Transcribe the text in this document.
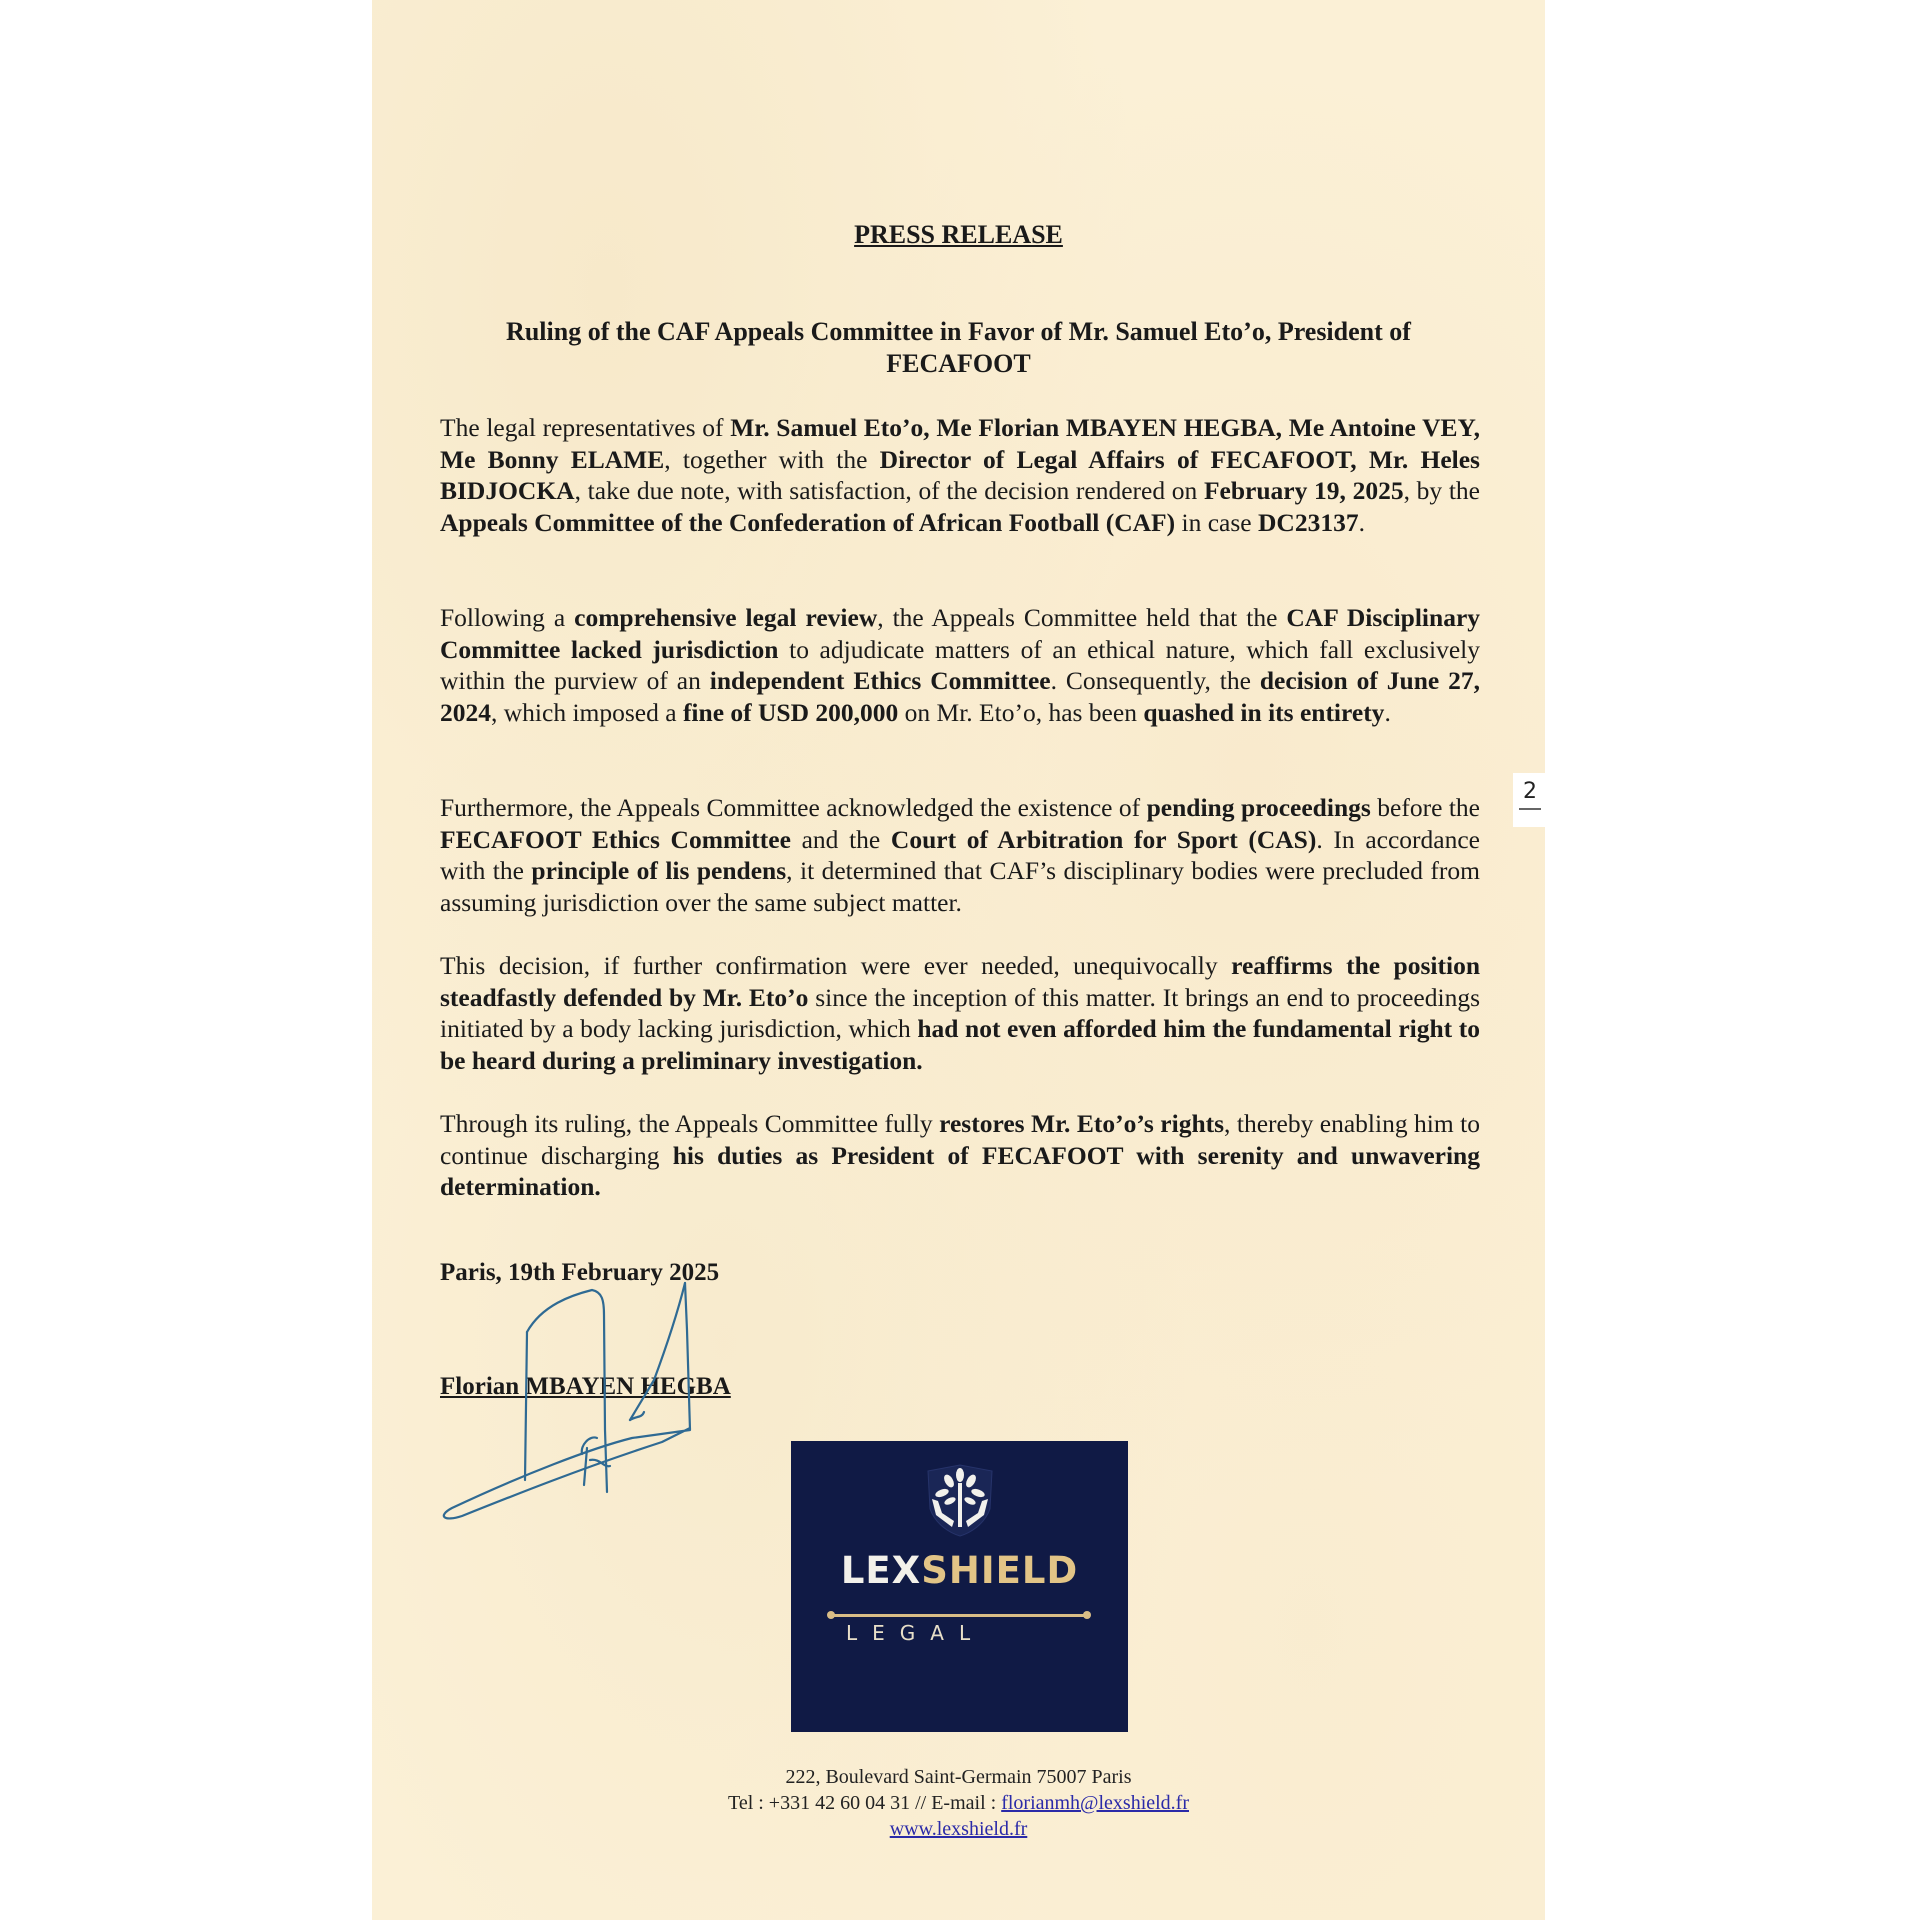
PRESS RELEASE
Ruling of the CAF Appeals Committee in Favor of Mr. Samuel Eto’o, President of
FECAFOOT
The legal representatives of Mr. Samuel Eto’o, Me Florian MBAYEN HEGBA, Me Antoine VEY, Me Bonny ELAME, together with the Director of Legal Affairs of FECAFOOT, Mr. Heles BIDJOCKA, take due note, with satisfaction, of the decision rendered on February 19, 2025, by the Appeals Committee of the Confederation of African Football (CAF) in case DC23137.
Following a comprehensive legal review, the Appeals Committee held that the CAF Disciplinary Committee lacked jurisdiction to adjudicate matters of an ethical nature, which fall exclusively within the purview of an independent Ethics Committee. Consequently, the decision of June 27, 2024, which imposed a fine of USD 200,000 on Mr. Eto’o, has been quashed in its entirety.
Furthermore, the Appeals Committee acknowledged the existence of pending proceedings before the FECAFOOT Ethics Committee and the Court of Arbitration for Sport (CAS). In accordance with the principle of lis pendens, it determined that CAF’s disciplinary bodies were precluded from assuming jurisdiction over the same subject matter.
This decision, if further confirmation were ever needed, unequivocally reaffirms the position steadfastly defended by Mr. Eto’o since the inception of this matter. It brings an end to proceedings initiated by a body lacking jurisdiction, which had not even afforded him the fundamental right to be heard during a preliminary investigation.
Through its ruling, the Appeals Committee fully restores Mr. Eto’o’s rights, thereby enabling him to continue discharging his duties as President of FECAFOOT with serenity and unwavering determination.
Paris, 19th February 2025
Florian MBAYEN HEGBA
LEXSHIELD
LEGAL
222, Boulevard Saint-Germain 75007 Paris
Tel : +331 42 60 04 31 // E-mail : florianmh@lexshield.fr
www.lexshield.fr
2
